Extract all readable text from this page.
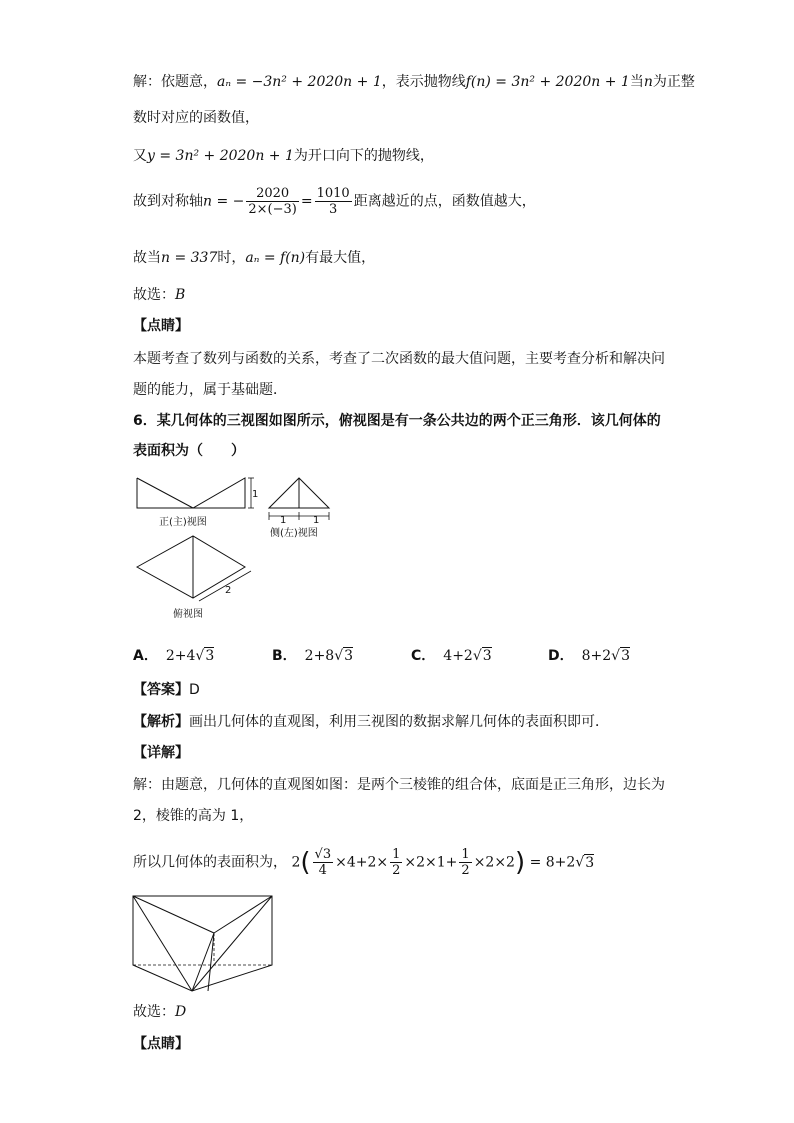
解：依题意，aₙ = −3n² + 2020n + 1，表示抛物线f(n) = 3n² + 2020n + 1当n为正整
数时对应的函数值，
又y = 3n² + 2020n + 1为开口向下的抛物线，
故到对称轴n = − $\frac{2020}{2\times(-3)} = \frac{1010}{3}$ 距离越近的点，函数值越大，
故当n = 337时，aₙ = f(n)有最大值，
故选：B
【点睛】
本题考查了数列与函数的关系，考查了二次函数的最大值问题，主要考查分析和解决问
题的能力，属于基础题．
6．某几何体的三视图如图所示，俯视图是有一条公共边的两个正三角形．该几何体的
表面积为（　　）
1
正(主)视图	1	1
侧(左)视图
2
俯视图
A． 2+4√3	B． 2+8√3	C． 4+2√3	D． 8+2√3
【答案】D
【解析】画出几何体的直观图，利用三视图的数据求解几何体的表面积即可．
【详解】
解：由题意，几何体的直观图如图：是两个三棱锥的组合体，底面是正三角形，边长为
2，棱锥的高为 1，
所以几何体的表面积为， $2( \frac{√3}{4} \times 4+2\times \frac{1}{2} \times 2\times 1+ \frac{1}{2} \times 2\times 2) = 8+2√3$
故选：D
【点睛】
